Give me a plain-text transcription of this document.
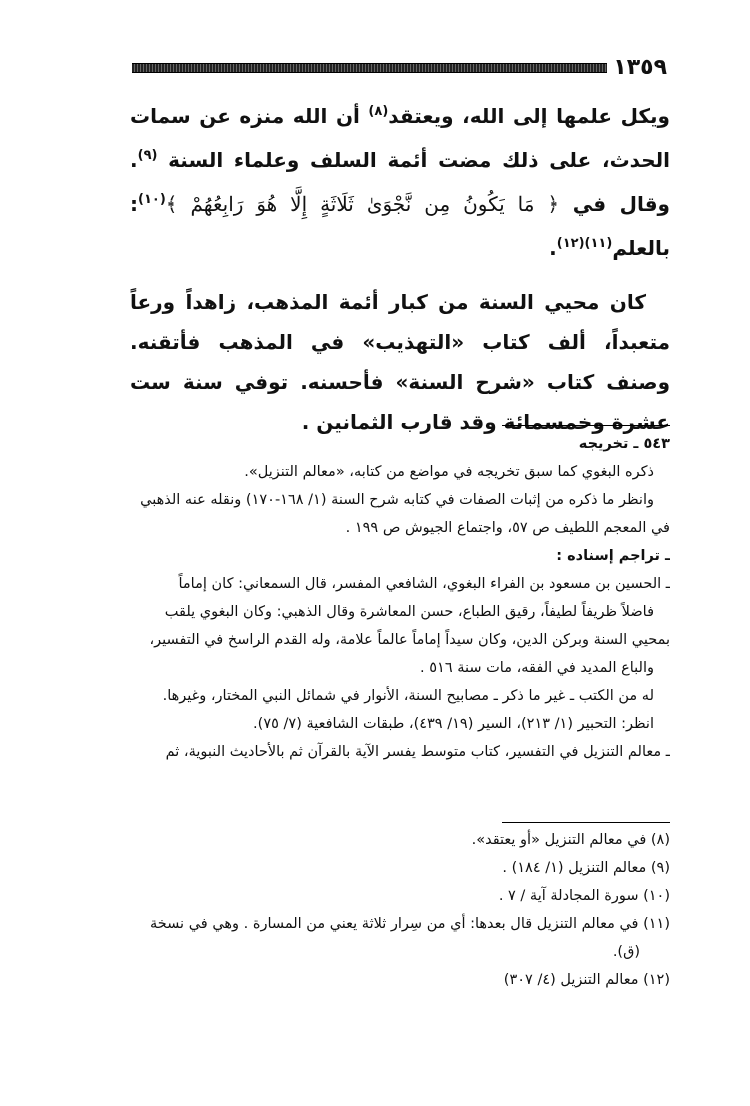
١٣٥٩

ويكل علمها إلى الله، ويعتقد$^{(٨)}$ أن الله منزه عن سمات الحدث، على ذلك مضت أئمة السلف وعلماء السنة $^{(٩)}$. وقال في ﴿ مَا يَكُونُ مِن نَّجْوَىٰ ثَلَاثَةٍ إِلَّا هُوَ رَابِعُهُمْ ﴾$^{(١٠)}$: بالعلم$^{(١١)(١٢)}$.

كان محيي السنة من كبار أئمة المذهب، زاهداً ورعاً متعبداً، ألف كتاب «التهذيب» في المذهب فأتقنه. وصنف كتاب «شرح السنة» فأحسنه. توفي سنة ست عشرة وخمسمائة وقد قارب الثمانين .

٥٤٣ ـ تخريجه
ذكره البغوي كما سبق تخريجه في مواضع من كتابه، «معالم التنزيل».
وانظر ما ذكره من إثبات الصفات في كتابه شرح السنة (١/ ١٦٨-١٧٠) ونقله عنه الذهبي
في المعجم اللطيف ص ٥٧، واجتماع الجيوش ص ١٩٩ .
ـ تراجم إسناده :
ـ الحسين بن مسعود بن الفراء البغوي، الشافعي المفسر، قال السمعاني: كان إماماً
فاضلاً ظريفاً لطيفاً، رقيق الطباع، حسن المعاشرة وقال الذهبي: وكان البغوي يلقب
بمحيي السنة وبركن الدين، وكان سيداً إماماً عالماً علامة، وله القدم الراسخ في التفسير،
والباع المديد في الفقه، مات سنة ٥١٦ .
له من الكتب ـ غير ما ذكر ـ مصابيح السنة، الأنوار في شمائل النبي المختار، وغيرها.
انظر: التحبير (١/ ٢١٣)، السير (١٩/ ٤٣٩)، طبقات الشافعية (٧/ ٧٥).
ـ معالم التنزيل في التفسير، كتاب متوسط يفسر الآية بالقرآن ثم بالأحاديث النبوية، ثم
(٨) في معالم التنزيل «أو يعتقد».
(٩) معالم التنزيل (١/ ١٨٤) .
(١٠) سورة المجادلة آية / ٧ .
(١١) في معالم التنزيل قال بعدها: أي من سِرار ثلاثة يعني من المسارة . وهي في نسخة
(ق).
(١٢) معالم التنزيل (٤/ ٣٠٧)
